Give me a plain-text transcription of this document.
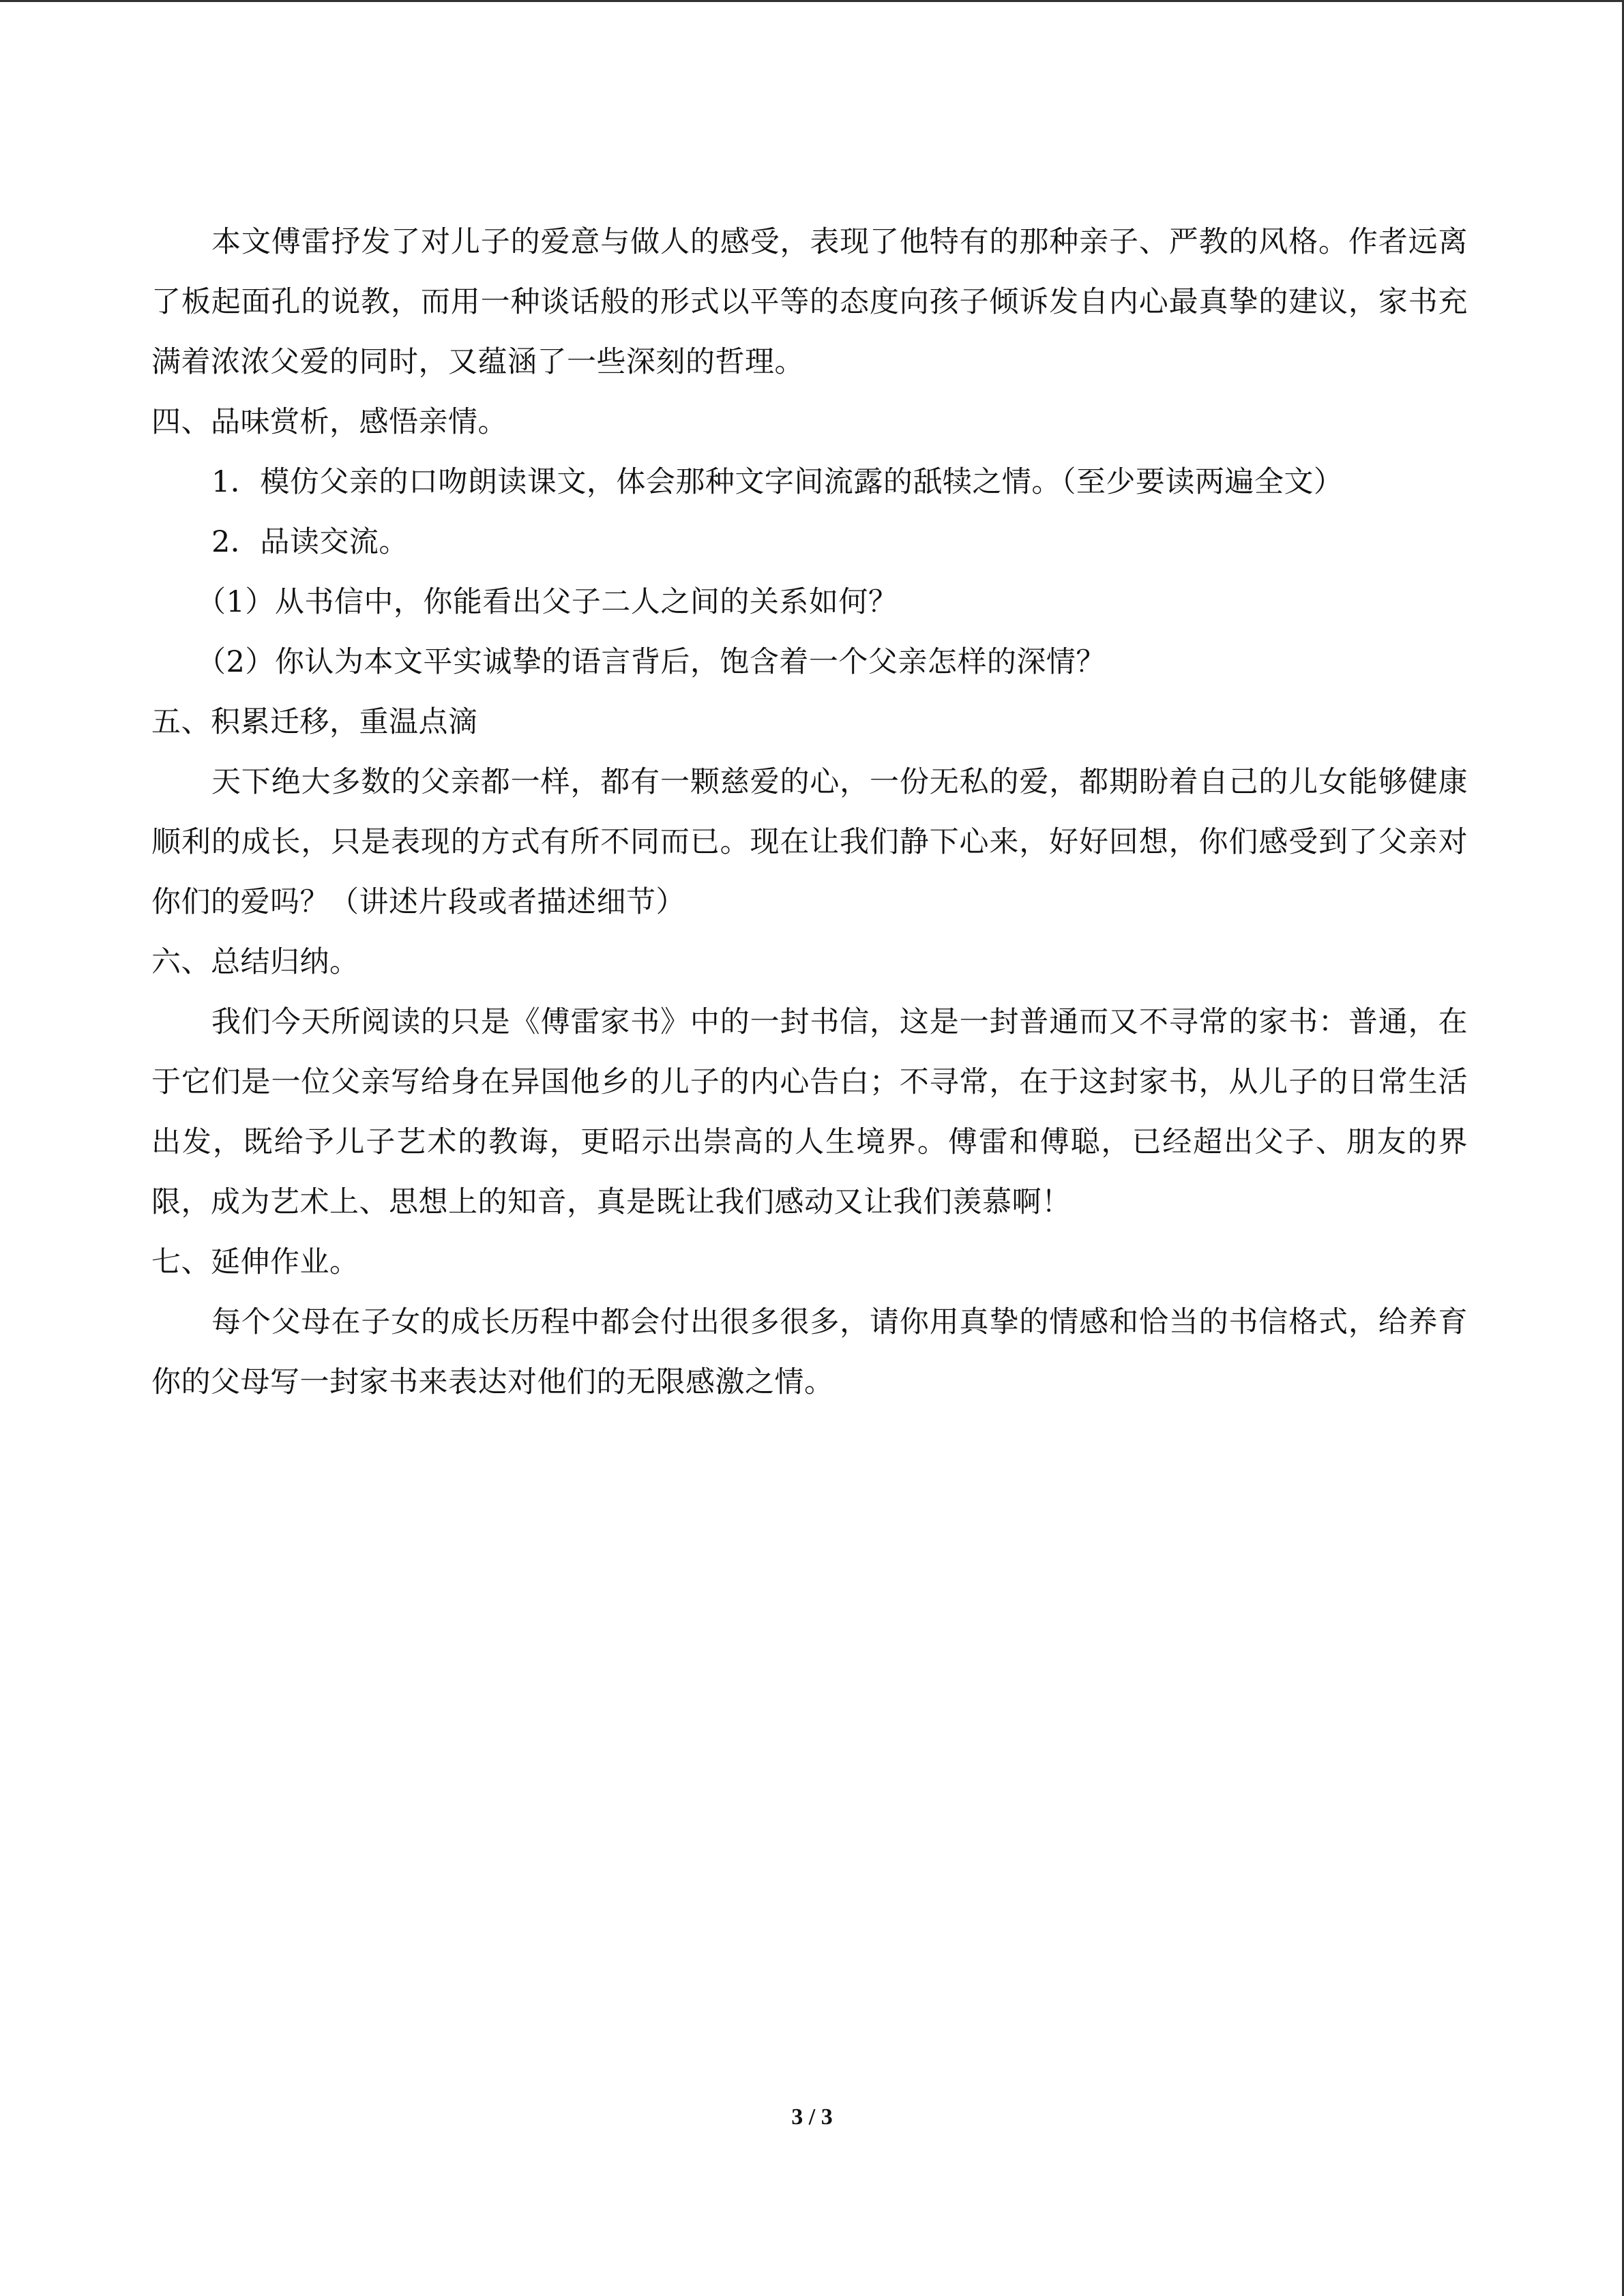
本文傅雷抒发了对儿子的爱意与做人的感受，表现了他特有的那种亲子、严教的风格。作者远离了板起面孔的说教，而用一种谈话般的形式以平等的态度向孩子倾诉发自内心最真挚的建议，家书充满着浓浓父爱的同时，又蕴涵了一些深刻的哲理。

四、品味赏析，感悟亲情。

1．模仿父亲的口吻朗读课文，体会那种文字间流露的舐犊之情。（至少要读两遍全文）

2．品读交流。

（1）从书信中，你能看出父子二人之间的关系如何？

（2）你认为本文平实诚挚的语言背后，饱含着一个父亲怎样的深情？

五、积累迁移，重温点滴

天下绝大多数的父亲都一样，都有一颗慈爱的心，一份无私的爱，都期盼着自己的儿女能够健康顺利的成长，只是表现的方式有所不同而已。现在让我们静下心来，好好回想，你们感受到了父亲对你们的爱吗？（讲述片段或者描述细节）

六、总结归纳。

我们今天所阅读的只是《傅雷家书》中的一封书信，这是一封普通而又不寻常的家书：普通，在于它们是一位父亲写给身在异国他乡的儿子的内心告白；不寻常，在于这封家书，从儿子的日常生活出发，既给予儿子艺术的教诲，更昭示出崇高的人生境界。傅雷和傅聪，已经超出父子、朋友的界限，成为艺术上、思想上的知音，真是既让我们感动又让我们羡慕啊！

七、延伸作业。

每个父母在子女的成长历程中都会付出很多很多，请你用真挚的情感和恰当的书信格式，给养育你的父母写一封家书来表达对他们的无限感激之情。

3 / 3
